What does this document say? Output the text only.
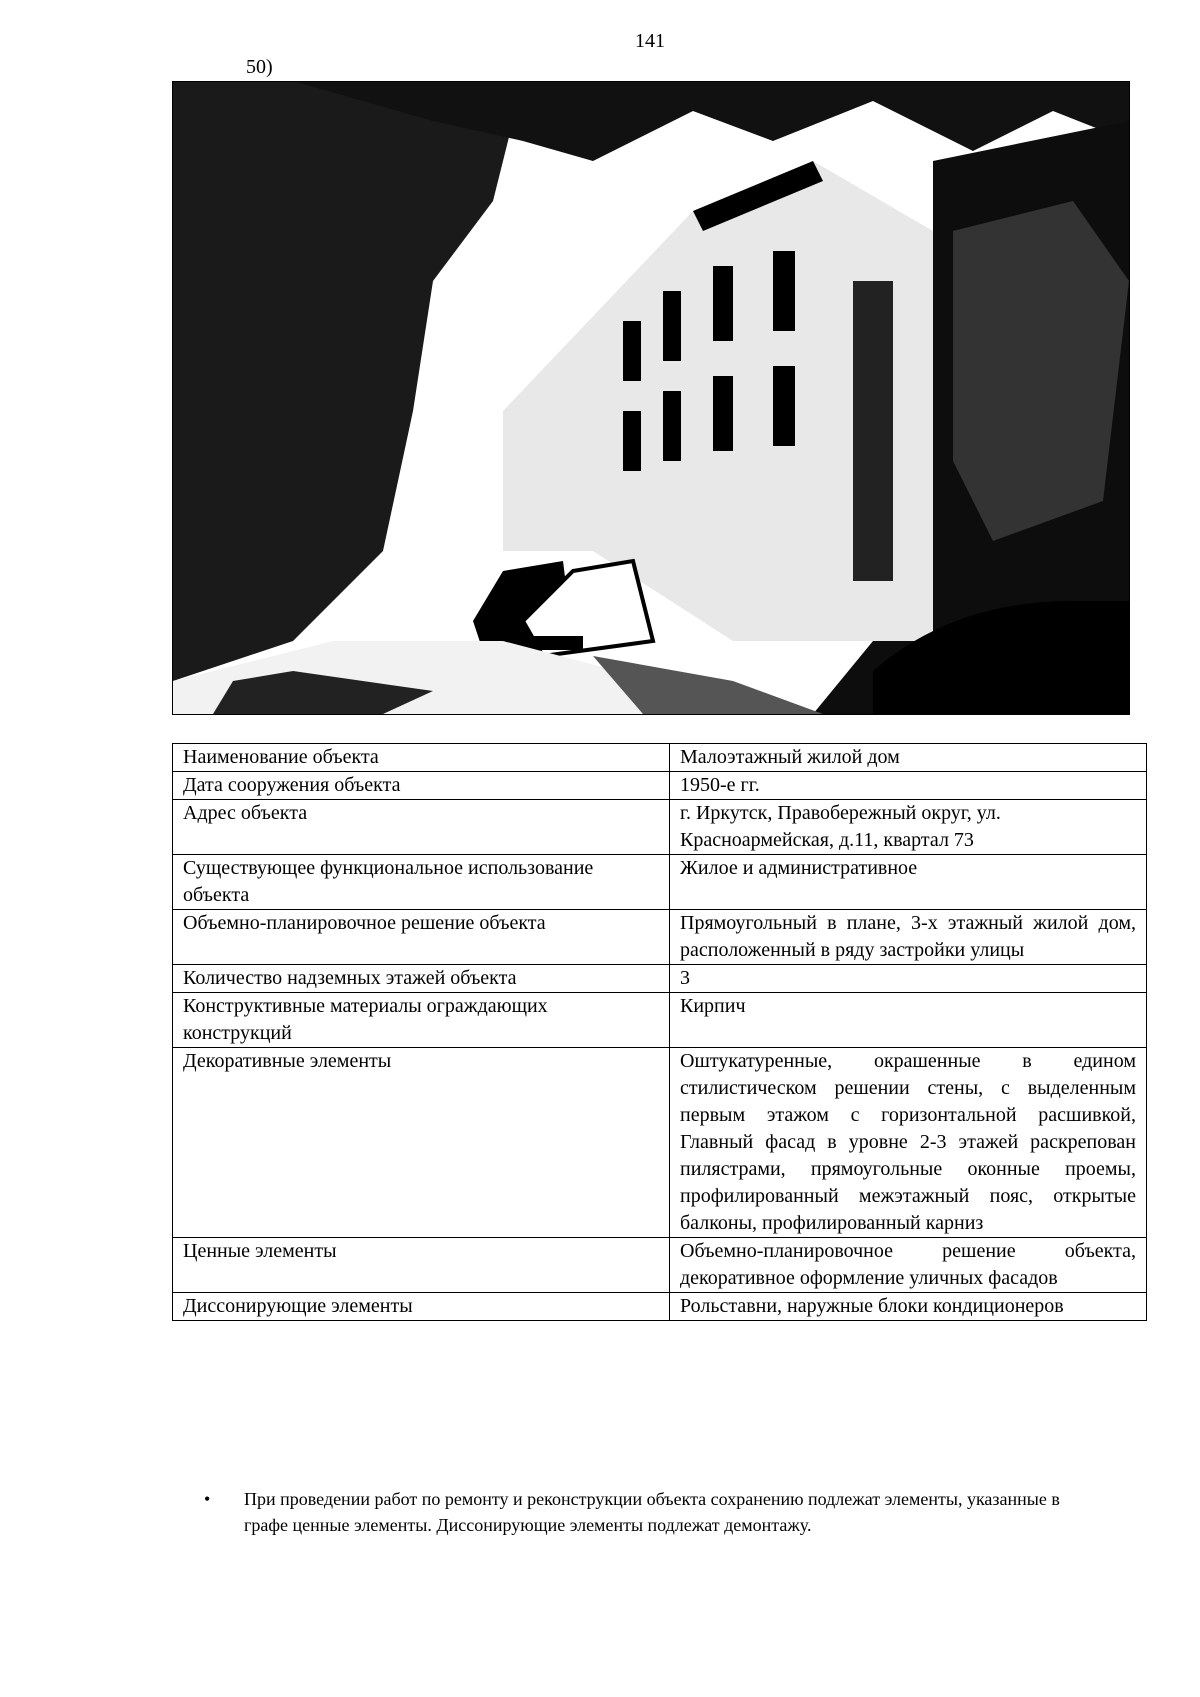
141
50)
Наименование объекта	Малоэтажный жилой дом
Дата сооружения объекта	1950-е гг.
Адрес объекта	г. Иркутск, Правобережный округ, ул. Красноармейская, д.11, квартал 73
Существующее функциональное использование объекта	Жилое и административное
Объемно-планировочное решение объекта	Прямоугольный в плане, 3-х этажный жилой дом, расположенный в ряду застройки улицы
Количество надземных этажей объекта	3
Конструктивные материалы ограждающих конструкций	Кирпич
Декоративные элементы	Оштукатуренные, окрашенные в едином стилистическом решении стены, с выделенным первым этажом с горизонтальной расшивкой, Главный фасад в уровне 2-3 этажей раскрепован пилястрами, прямоугольные оконные проемы, профилированный межэтажный пояс, открытые балконы, профилированный карниз
Ценные элементы	Объемно-планировочное решение объекта, декоративное оформление уличных фасадов
Диссонирующие элементы	Рольставни, наружные блоки кондиционеров
• При проведении работ по ремонту и реконструкции объекта сохранению подлежат элементы, указанные в графе ценные элементы. Диссонирующие элементы подлежат демонтажу.
